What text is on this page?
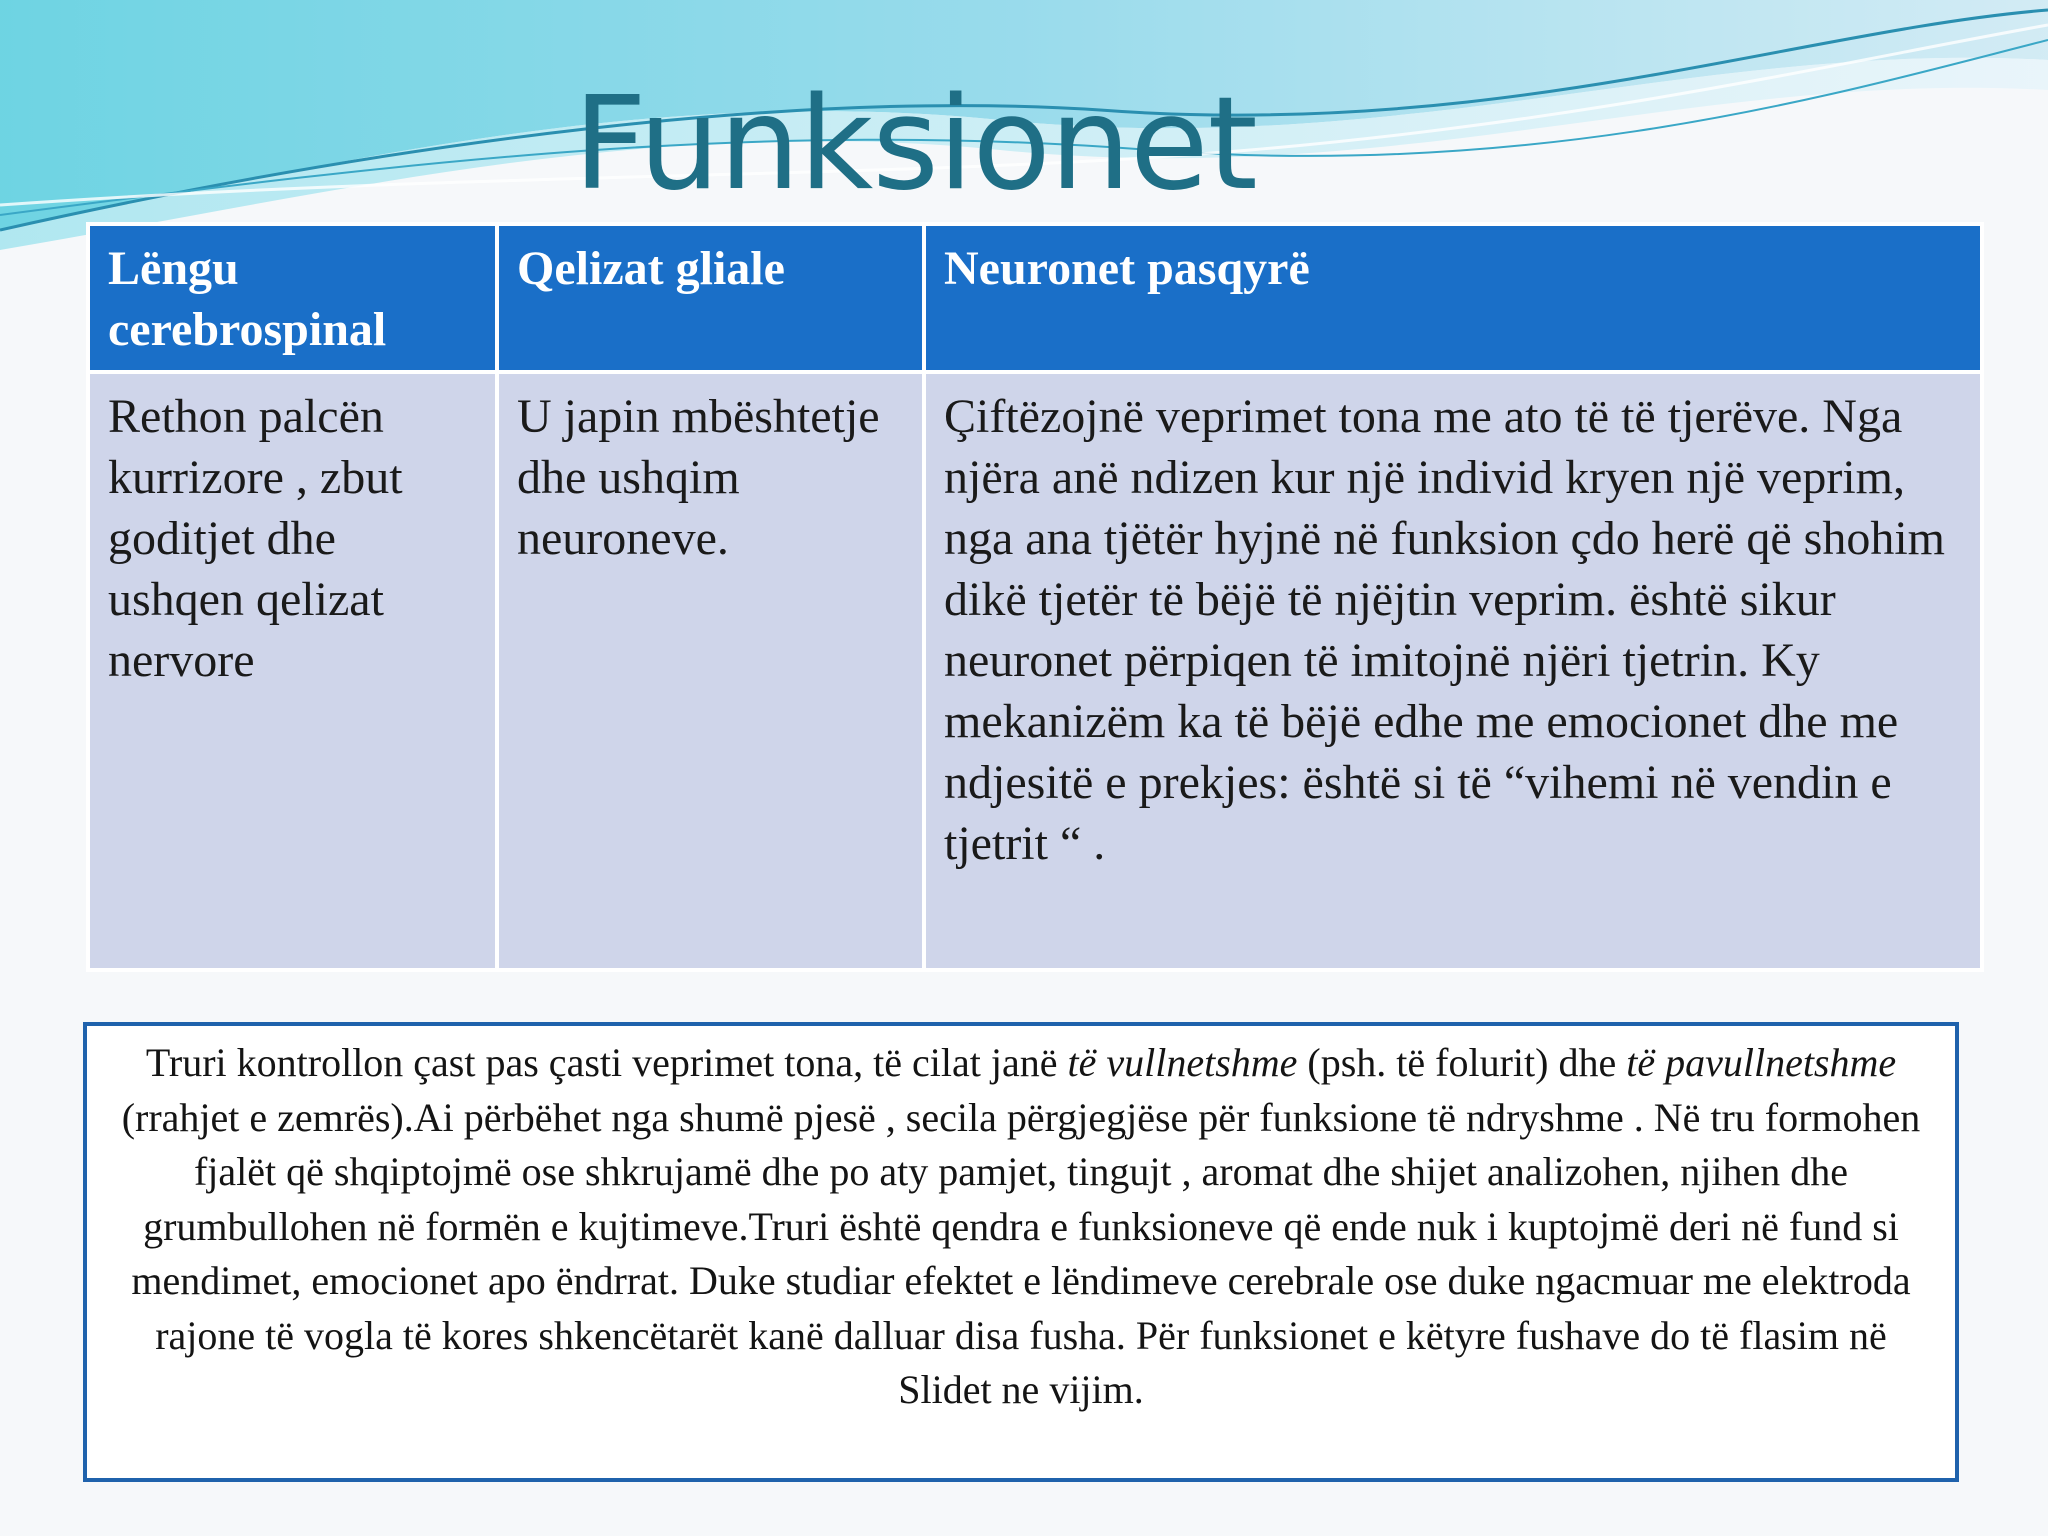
Funksionet
Lëngu cerebrospinal	Qelizat gliale	Neuronet pasqyrë
Rethon palcën kurrizore , zbut goditjet dhe ushqen qelizat nervore	U japin mbështetje dhe ushqim neuroneve.	Çiftëzojnë veprimet tona me ato të të tjerëve. Nga njëra anë ndizen kur një individ kryen një veprim, nga ana tjëtër hyjnë në funksion çdo herë që shohim dikë tjetër të bëjë të njëjtin veprim. është sikur neuronet përpiqen të imitojnë njëri tjetrin. Ky mekanizëm ka të bëjë edhe me emocionet dhe me ndjesitë e prekjes: është si të “vihemi në vendin e tjetrit “ .
Truri kontrollon çast pas çasti veprimet tona, të cilat janë të vullnetshme (psh. të folurit) dhe të pavullnetshme (rrahjet e zemrës).Ai përbëhet nga shumë pjesë , secila përgjegjëse për funksione të ndryshme . Në tru formohen fjalët që shqiptojmë ose shkrujamë dhe po aty pamjet, tingujt , aromat dhe shijet analizohen, njihen dhe grumbullohen në formën e kujtimeve.Truri është qendra e funksioneve që ende nuk i kuptojmë deri në fund si mendimet, emocionet apo ëndrrat. Duke studiar efektet e lëndimeve cerebrale ose duke ngacmuar me elektroda rajone të vogla të kores shkencëtarët kanë dalluar disa fusha. Për funksionet e këtyre fushave do të flasim në Slidet ne vijim.
